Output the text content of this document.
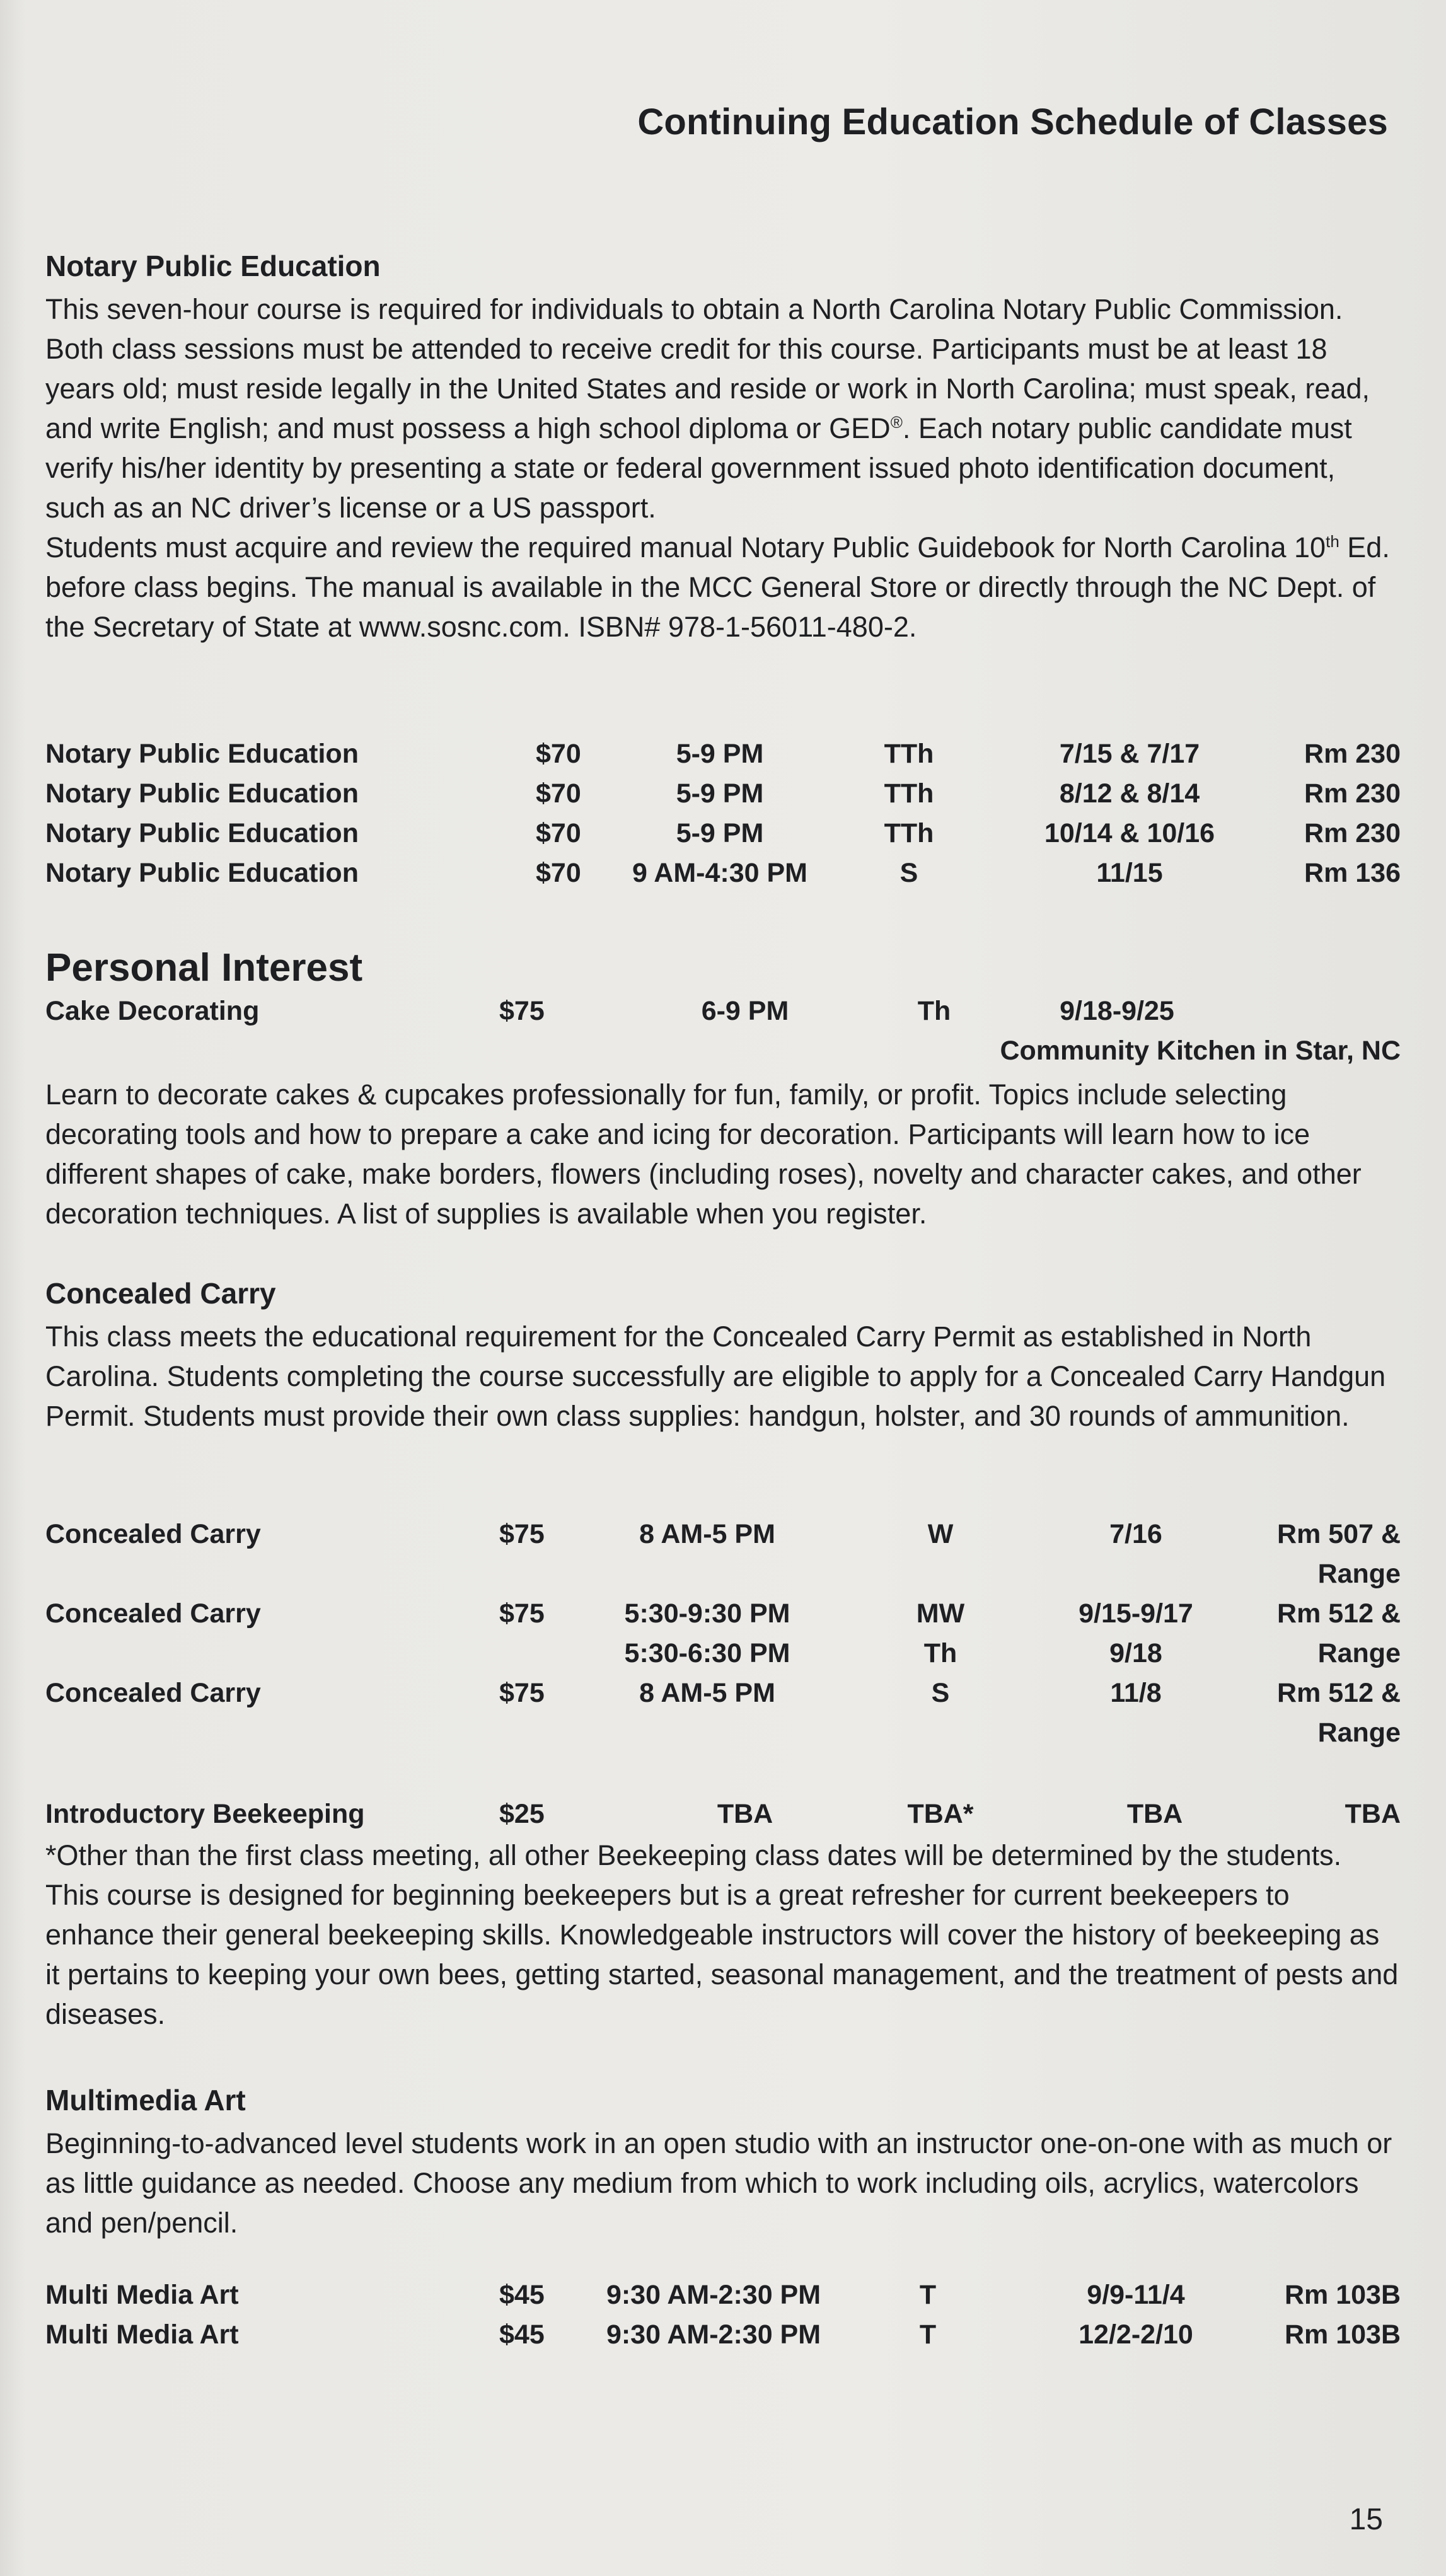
Continuing Education Schedule of Classes
Notary Public Education

This seven-hour course is required for individuals to obtain a North Carolina Notary Public Commission. Both class sessions must be attended to receive credit for this course. Participants must be at least 18 years old; must reside legally in the United States and reside or work in North Carolina; must speak, read, and write English; and must possess a high school diploma or GED®. Each notary public candidate must verify his/her identity by presenting a state or federal government issued photo identification document, such as an NC driver’s license or a US passport.

Students must acquire and review the required manual Notary Public Guidebook for North Carolina 10th Ed. before class begins. The manual is available in the MCC General Store or directly through the NC Dept. of the Secretary of State at www.sosnc.com. ISBN# 978-1-56011-480-2.

Notary Public Education	$70	5-9 PM	TTh	7/15 & 7/17	Rm 230
Notary Public Education	$70	5-9 PM	TTh	8/12 & 8/14	Rm 230
Notary Public Education	$70	5-9 PM	TTh	10/14 & 10/16	Rm 230
Notary Public Education	$70 9 AM-4:30 PM	S	11/15	Rm 136
Personal Interest
Cake Decorating	$75	6-9 PM	Th	9/18-9/25
Community Kitchen in Star, NC

Learn to decorate cakes & cupcakes professionally for fun, family, or profit. Topics include selecting decorating tools and how to prepare a cake and icing for decoration. Participants will learn how to ice different shapes of cake, make borders, flowers (including roses), novelty and character cakes, and other decoration techniques. A list of supplies is available when you register.

Concealed Carry

This class meets the educational requirement for the Concealed Carry Permit as established in North Carolina. Students completing the course successfully are eligible to apply for a Concealed Carry Handgun Permit. Students must provide their own class supplies: handgun, holster, and 30 rounds of ammunition.

Concealed Carry	$75	8 AM-5 PM	W	7/16	Rm 507 &
Range
Concealed Carry	$75	5:30-9:30 PM	MW	9/15-9/17	Rm 512 &
5:30-6:30 PM	Th	9/18	Range
Concealed Carry	$75	8 AM-5 PM	S	11/8	Rm 512 &
Range
Introductory Beekeeping	$25	TBA	TBA*	TBA	TBA

*Other than the first class meeting, all other Beekeeping class dates will be determined by the students. This course is designed for beginning beekeepers but is a great refresher for current beekeepers to enhance their general beekeeping skills. Knowledgeable instructors will cover the history of beekeeping as it pertains to keeping your own bees, getting started, seasonal management, and the treatment of pests and diseases.

Multimedia Art

Beginning-to-advanced level students work in an open studio with an instructor one-on-one with as much or as little guidance as needed. Choose any medium from which to work including oils, acrylics, watercolors and pen/pencil.

Multi Media Art	$45	9:30 AM-2:30 PM	T	9/9-11/4	Rm 103B
Multi Media Art	$45	9:30 AM-2:30 PM	T	12/2-2/10	Rm 103B
15
